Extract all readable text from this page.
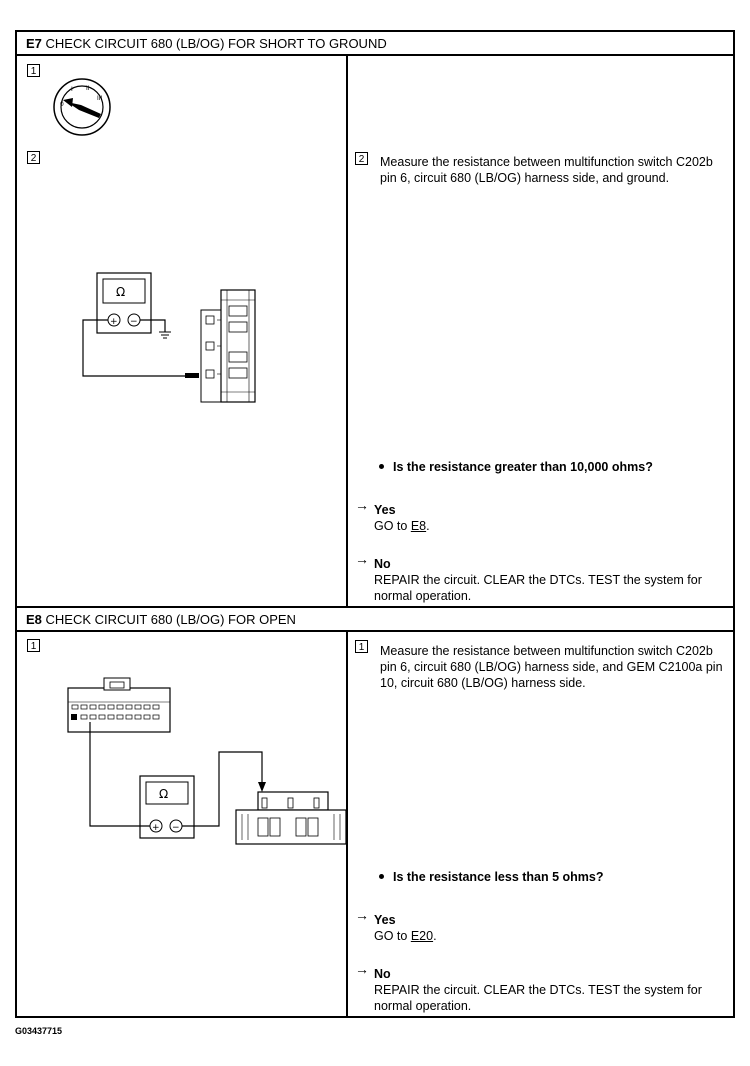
E7 CHECK CIRCUIT 680 (LB/OG) FOR SHORT TO GROUND
1
0
I II
III
2
Ω
+ −
2 Measure the resistance between multifunction switch C202b pin 6, circuit 680 (LB/OG) harness side, and ground.
Is the resistance greater than 10,000 ohms?
→ Yes
GO to E8.
→ No
REPAIR the circuit. CLEAR the DTCs. TEST the system for normal operation.
E8 CHECK CIRCUIT 680 (LB/OG) FOR OPEN
1
Ω
+ −
1 Measure the resistance between multifunction switch C202b pin 6, circuit 680 (LB/OG) harness side, and GEM C2100a pin 10, circuit 680 (LB/OG) harness side.
Is the resistance less than 5 ohms?
→ Yes
GO to E20.
→ No
REPAIR the circuit. CLEAR the DTCs. TEST the system for normal operation.
G03437715
